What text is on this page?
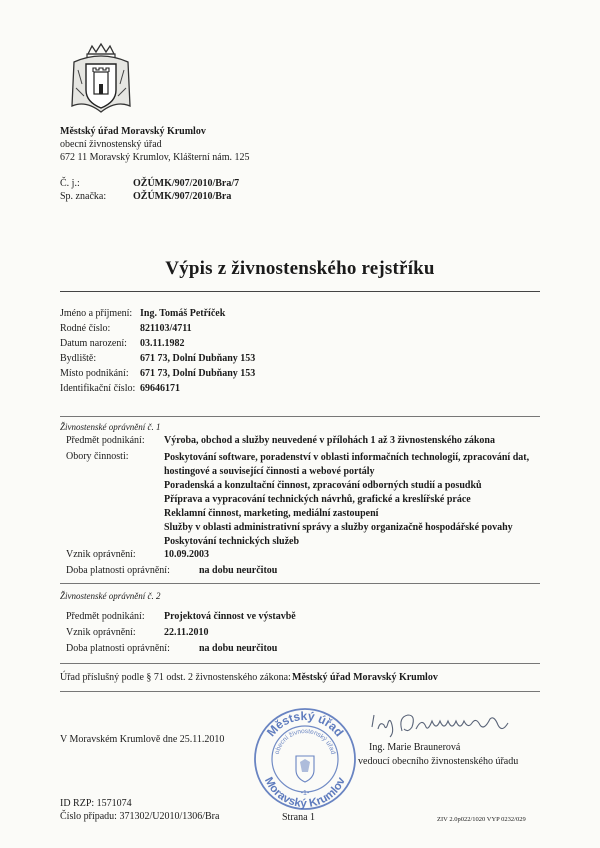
Městský úřad Moravský Krumlov
obecní živnostenský úřad
672 11 Moravský Krumlov, Klášterní nám. 125
Č. j.:	OŽÚMK/907/2010/Bra/7
Sp. značka:	OŽÚMK/907/2010/Bra
Výpis z živnostenského rejstříku
Jméno a příjmení: Ing. Tomáš Petříček
Rodné číslo:	821103/4711
Datum narození: 03.11.1982
Bydliště:	671 73, Dolní Dubňany 153
Místo podnikání: 671 73, Dolní Dubňany 153
Identifikační číslo: 69646171
Živnostenské oprávnění č. 1
Předmět podnikání: Výroba, obchod a služby neuvedené v přílohách 1 až 3 živnostenského zákona
Obory činnosti:	Poskytování software, poradenství v oblasti informačních technologií, zpracování dat,
hostingové a související činnosti a webové portály
Poradenská a konzultační činnost, zpracování odborných studií a posudků
Příprava a vypracování technických návrhů, grafické a kreslířské práce
Reklamní činnost, marketing, mediální zastoupení
Služby v oblasti administrativní správy a služby organizačně hospodářské povahy
Poskytování technických služeb
Vznik oprávnění:	10.09.2003
Doba platnosti oprávnění:	na dobu neurčitou
Živnostenské oprávnění č. 2
Předmět podnikání: Projektová činnost ve výstavbě
Vznik oprávnění:	22.11.2010
Doba platnosti oprávnění:	na dobu neurčitou
Úřad příslušný podle § 71 odst. 2 živnostenského zákona: Městský úřad Moravský Krumlov
V Moravském Krumlově dne 25.11.2010
Městský úřad
Moravský Krumlov
obecní živnostenský úřad
-1-
Ing. Marie Braunerová
vedoucí obecního živnostenského úřadu
ID RZP: 1571074
Číslo případu: 371302/U2010/1306/Bra	Strana 1	ZIV 2.0p022/1020 VYP 0232/029
